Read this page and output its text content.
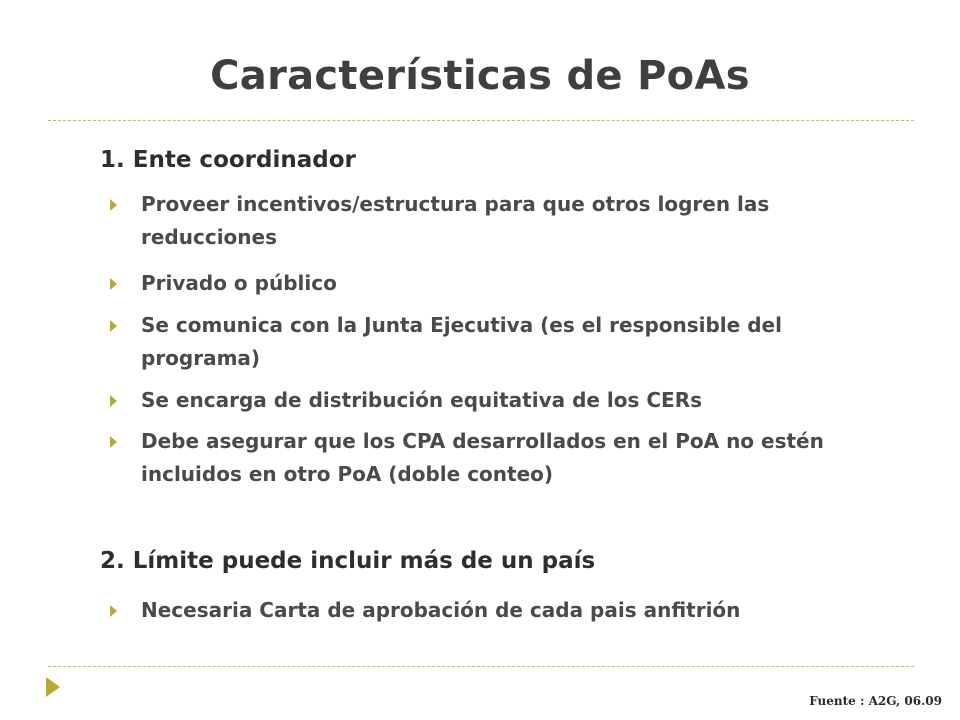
Características de PoAs
1. Ente coordinador
Proveer incentivos/estructura para que otros logren las reducciones
Privado o público
Se comunica con la Junta Ejecutiva (es el responsible del programa)
Se encarga de distribución equitativa de los CERs
Debe asegurar que los CPA desarrollados en el PoA no estén incluidos en otro PoA (doble conteo)
2. Límite puede incluir más de un país
Necesaria Carta de aprobación de cada pais anfitrión
Fuente : A2G, 06.09
